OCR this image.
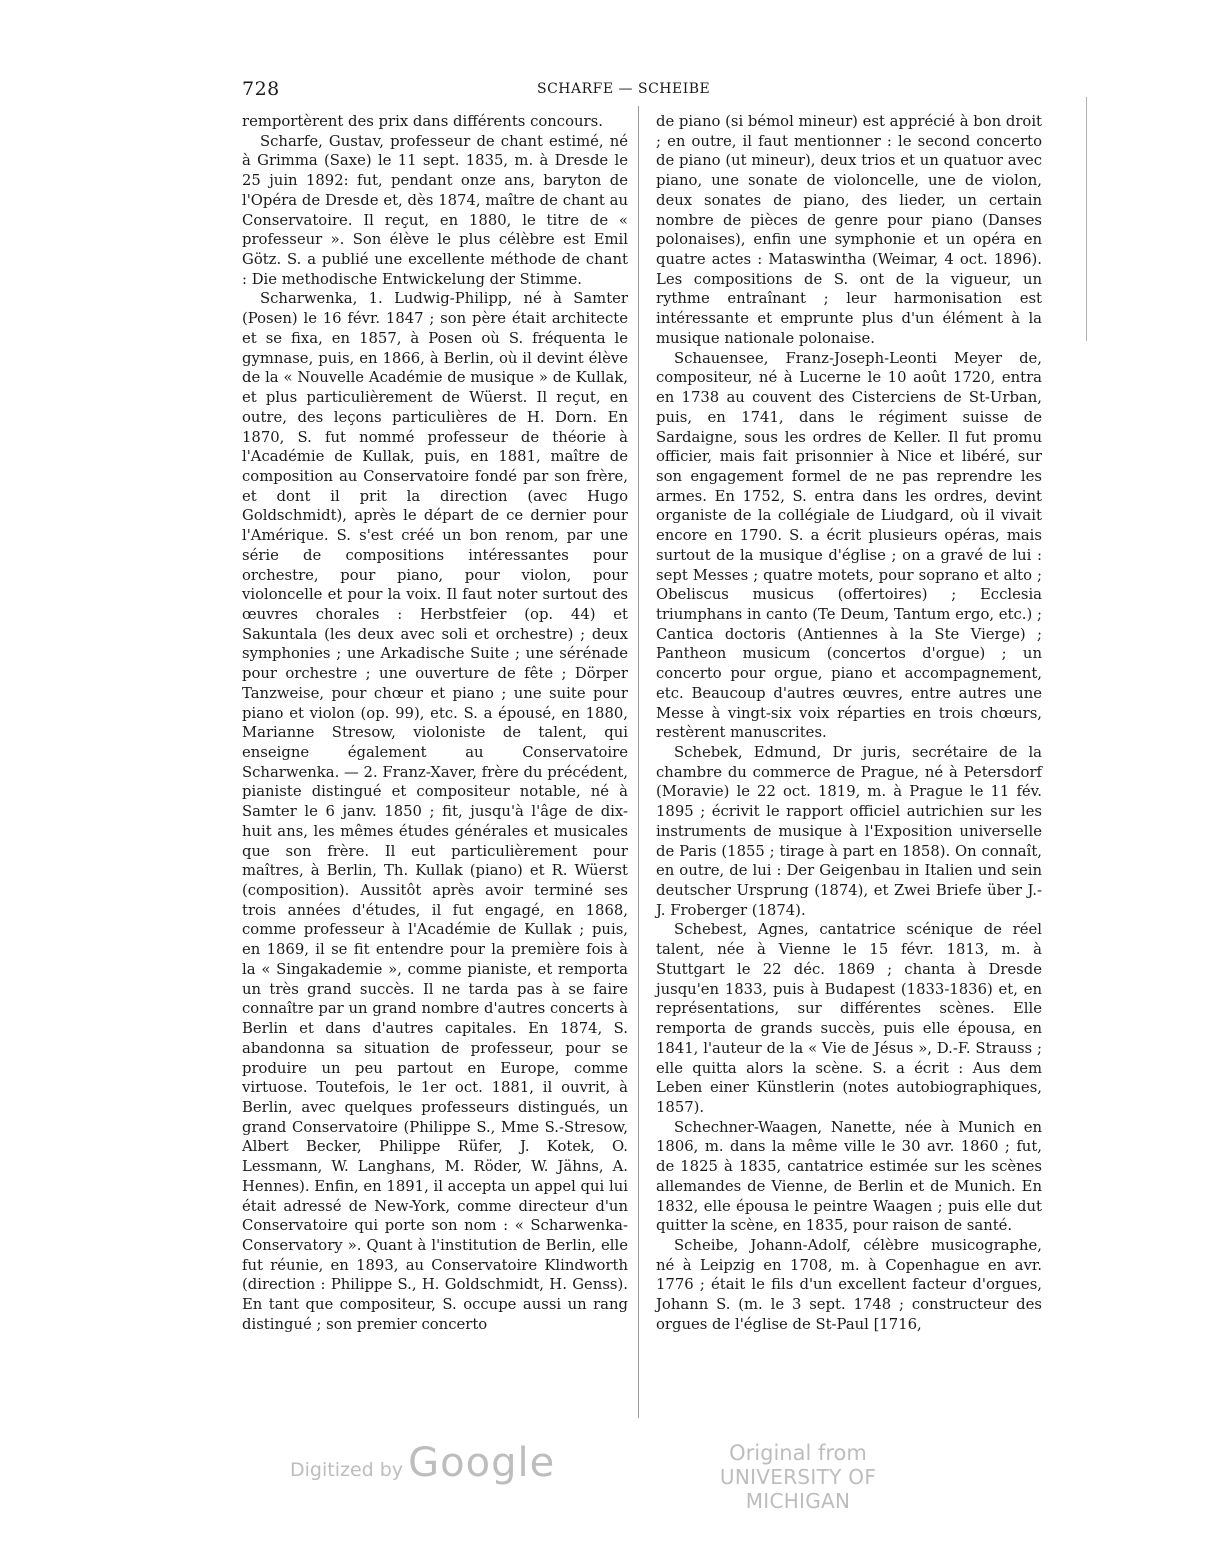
728	SCHARFE — SCHEIBE

remportèrent des prix dans différents concours.

Scharfe, Gustav, professeur de chant estimé, né à Grimma (Saxe) le 11 sept. 1835, m. à Dresde le 25 juin 1892: fut, pendant onze ans, baryton de l'Opéra de Dresde et, dès 1874, maître de chant au Conservatoire. Il reçut, en 1880, le titre de « professeur ». Son élève le plus célèbre est Emil Götz. S. a publié une excellente méthode de chant : Die methodische Entwickelung der Stimme.

Scharwenka, 1. Ludwig-Philipp, né à Samter (Posen) le 16 févr. 1847 ; son père était architecte et se fixa, en 1857, à Posen où S. fréquenta le gymnase, puis, en 1866, à Berlin, où il devint élève de la « Nouvelle Académie de musique » de Kullak, et plus particulièrement de Wüerst. Il reçut, en outre, des leçons particulières de H. Dorn. En 1870, S. fut nommé professeur de théorie à l'Académie de Kullak, puis, en 1881, maître de composition au Conservatoire fondé par son frère, et dont il prit la direction (avec Hugo Goldschmidt), après le départ de ce dernier pour l'Amérique. S. s'est créé un bon renom, par une série de compositions intéressantes pour orchestre, pour piano, pour violon, pour violoncelle et pour la voix. Il faut noter surtout des œuvres chorales : Herbstfeier (op. 44) et Sakuntala (les deux avec soli et orchestre) ; deux symphonies ; une Arkadische Suite ; une sérénade pour orchestre ; une ouverture de fête ; Dörper Tanzweise, pour chœur et piano ; une suite pour piano et violon (op. 99), etc. S. a épousé, en 1880, Marianne Stresow, violoniste de talent, qui enseigne également au Conservatoire Scharwenka. — 2. Franz-Xaver, frère du précédent, pianiste distingué et compositeur notable, né à Samter le 6 janv. 1850 ; fit, jusqu'à l'âge de dix-huit ans, les mêmes études générales et musicales que son frère. Il eut particulièrement pour maîtres, à Berlin, Th. Kullak (piano) et R. Wüerst (composition). Aussitôt après avoir terminé ses trois années d'études, il fut engagé, en 1868, comme professeur à l'Académie de Kullak ; puis, en 1869, il se fit entendre pour la première fois à la « Singakademie », comme pianiste, et remporta un très grand succès. Il ne tarda pas à se faire connaître par un grand nombre d'autres concerts à Berlin et dans d'autres capitales. En 1874, S. abandonna sa situation de professeur, pour se produire un peu partout en Europe, comme virtuose. Toutefois, le 1er oct. 1881, il ouvrit, à Berlin, avec quelques professeurs distingués, un grand Conservatoire (Philippe S., Mme S.-Stresow, Albert Becker, Philippe Rüfer, J. Kotek, O. Lessmann, W. Langhans, M. Röder, W. Jähns, A. Hennes). Enfin, en 1891, il accepta un appel qui lui était adressé de New-York, comme directeur d'un Conservatoire qui porte son nom : « Scharwenka-Conservatory ». Quant à l'institution de Berlin, elle fut réunie, en 1893, au Conservatoire Klindworth (direction : Philippe S., H. Goldschmidt, H. Genss). En tant que compositeur, S. occupe aussi un rang distingué ; son premier concerto

de piano (si bémol mineur) est apprécié à bon droit ; en outre, il faut mentionner : le second concerto de piano (ut mineur), deux trios et un quatuor avec piano, une sonate de violoncelle, une de violon, deux sonates de piano, des lieder, un certain nombre de pièces de genre pour piano (Danses polonaises), enfin une symphonie et un opéra en quatre actes : Mataswintha (Weimar, 4 oct. 1896). Les compositions de S. ont de la vigueur, un rythme entraînant ; leur harmonisation est intéressante et emprunte plus d'un élément à la musique nationale polonaise.

Schauensee, Franz-Joseph-Leonti Meyer de, compositeur, né à Lucerne le 10 août 1720, entra en 1738 au couvent des Cisterciens de St-Urban, puis, en 1741, dans le régiment suisse de Sardaigne, sous les ordres de Keller. Il fut promu officier, mais fait prisonnier à Nice et libéré, sur son engagement formel de ne pas reprendre les armes. En 1752, S. entra dans les ordres, devint organiste de la collégiale de Liudgard, où il vivait encore en 1790. S. a écrit plusieurs opéras, mais surtout de la musique d'église ; on a gravé de lui : sept Messes ; quatre motets, pour soprano et alto ; Obeliscus musicus (offertoires) ; Ecclesia triumphans in canto (Te Deum, Tantum ergo, etc.) ; Cantica doctoris (Antiennes à la Ste Vierge) ; Pantheon musicum (concertos d'orgue) ; un concerto pour orgue, piano et accompagnement, etc. Beaucoup d'autres œuvres, entre autres une Messe à vingt-six voix réparties en trois chœurs, restèrent manuscrites.

Schebek, Edmund, Dr juris, secrétaire de la chambre du commerce de Prague, né à Petersdorf (Moravie) le 22 oct. 1819, m. à Prague le 11 fév. 1895 ; écrivit le rapport officiel autrichien sur les instruments de musique à l'Exposition universelle de Paris (1855 ; tirage à part en 1858). On connaît, en outre, de lui : Der Geigenbau in Italien und sein deutscher Ursprung (1874), et Zwei Briefe über J.-J. Froberger (1874).

Schebest, Agnes, cantatrice scénique de réel talent, née à Vienne le 15 févr. 1813, m. à Stuttgart le 22 déc. 1869 ; chanta à Dresde jusqu'en 1833, puis à Budapest (1833-1836) et, en représentations, sur différentes scènes. Elle remporta de grands succès, puis elle épousa, en 1841, l'auteur de la « Vie de Jésus », D.-F. Strauss ; elle quitta alors la scène. S. a écrit : Aus dem Leben einer Künstlerin (notes autobiographiques, 1857).

Schechner-Waagen, Nanette, née à Munich en 1806, m. dans la même ville le 30 avr. 1860 ; fut, de 1825 à 1835, cantatrice estimée sur les scènes allemandes de Vienne, de Berlin et de Munich. En 1832, elle épousa le peintre Waagen ; puis elle dut quitter la scène, en 1835, pour raison de santé.

Scheibe, Johann-Adolf, célèbre musicographe, né à Leipzig en 1708, m. à Copenhague en avr. 1776 ; était le fils d'un excellent facteur d'orgues, Johann S. (m. le 3 sept. 1748 ; constructeur des orgues de l'église de St-Paul [1716,

Digitized by Google	Original from
UNIVERSITY OF MICHIGAN
